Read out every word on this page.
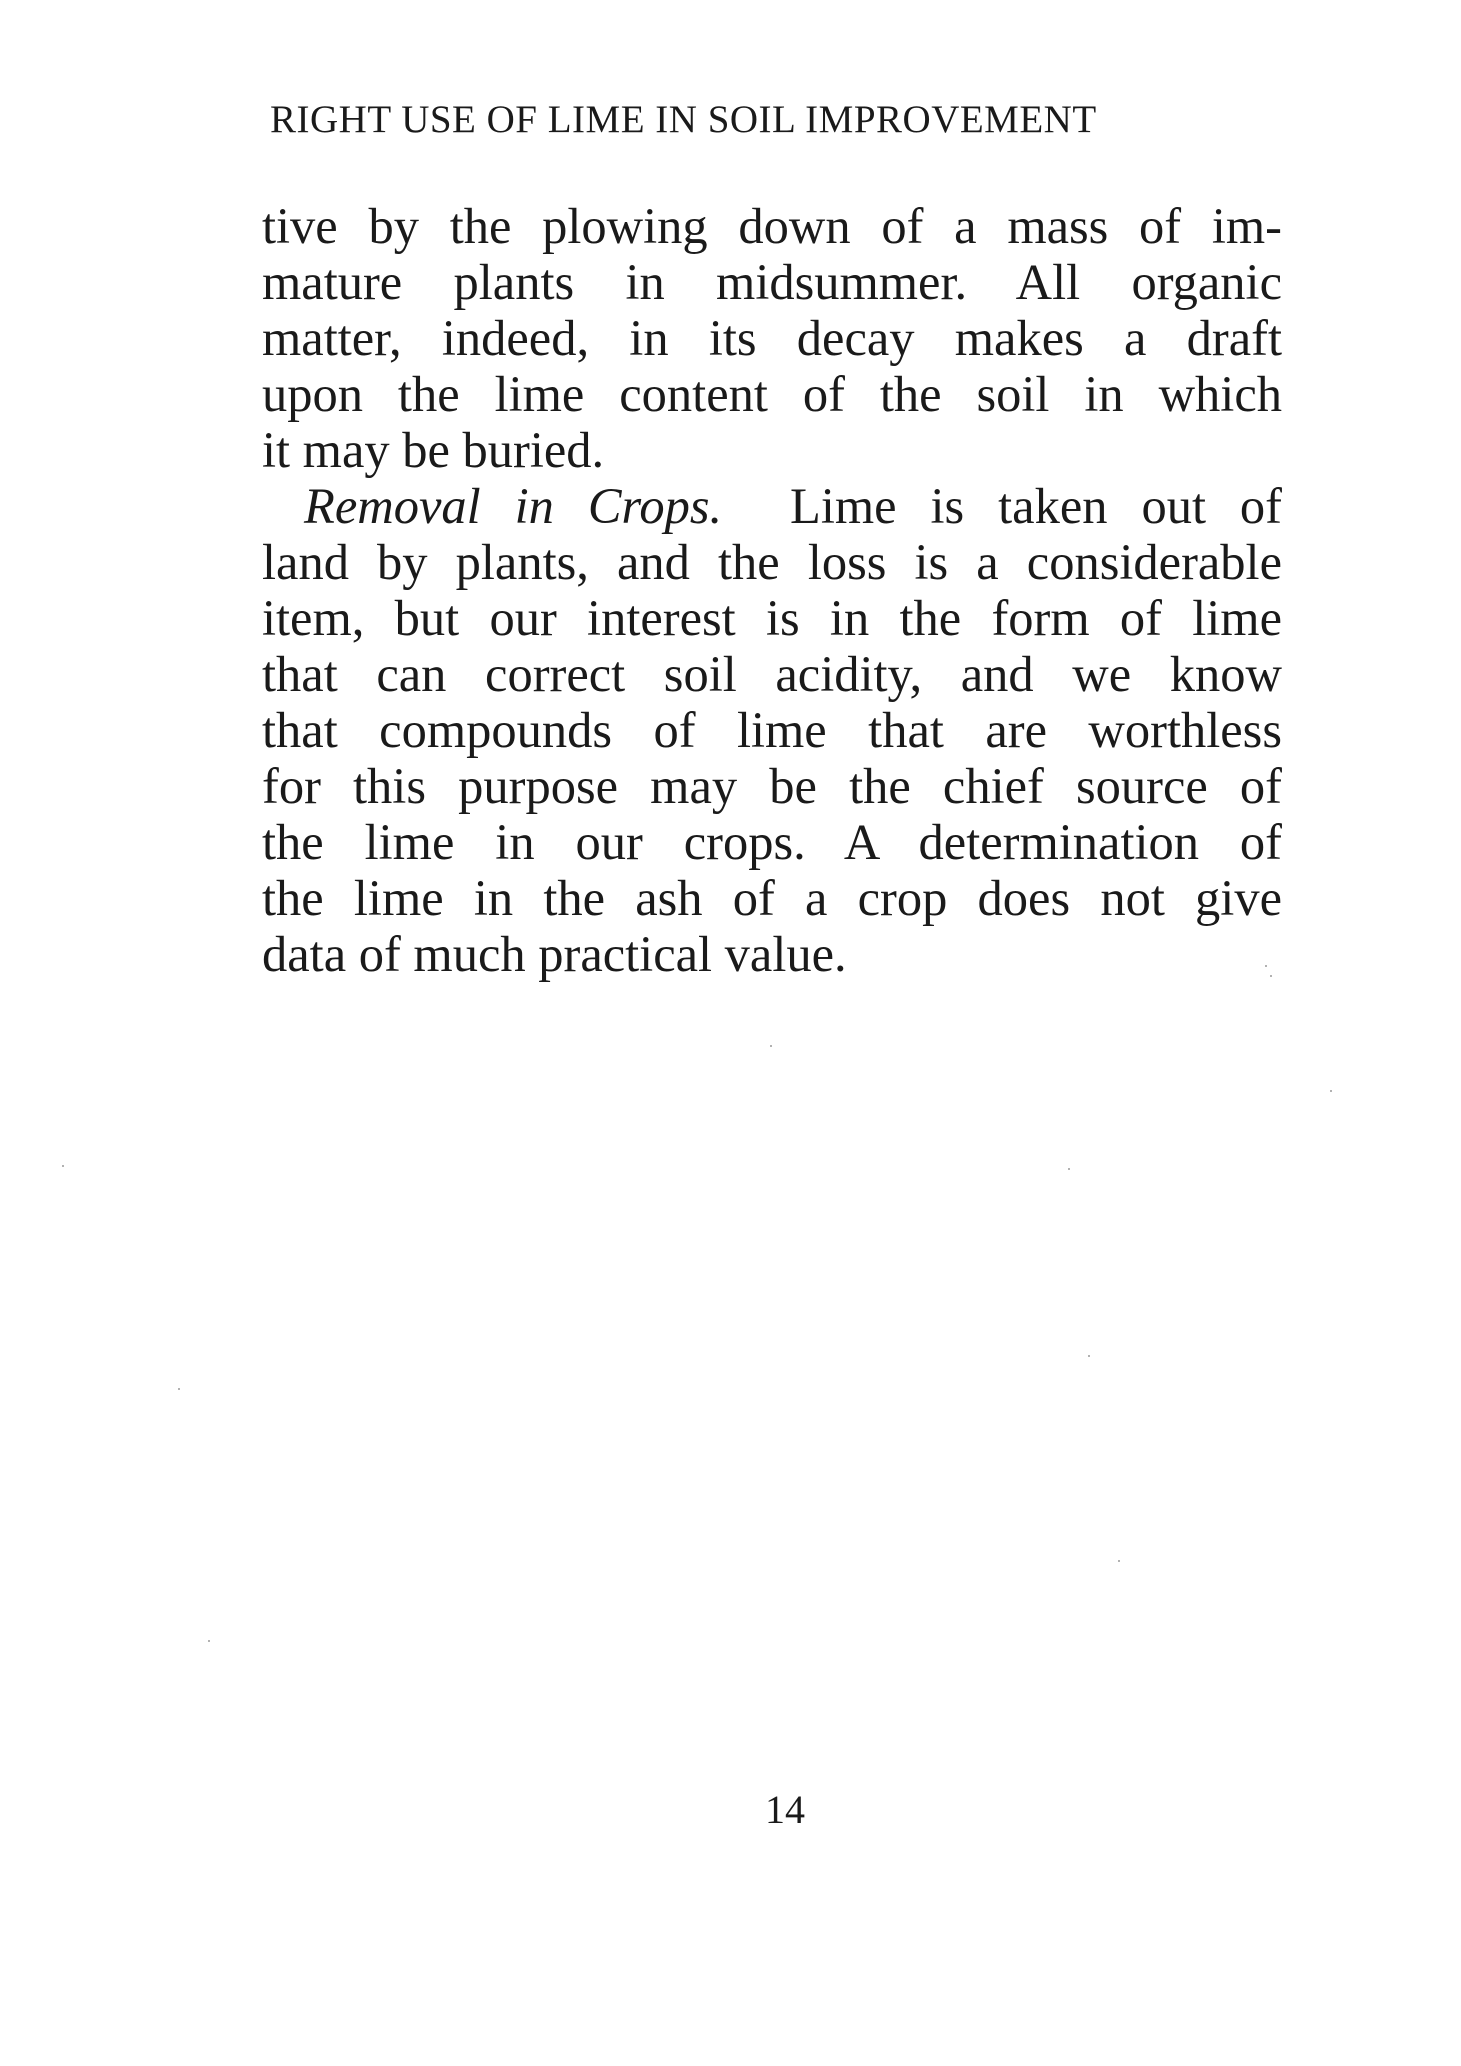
RIGHT USE OF LIME IN SOIL IMPROVEMENT
tive by the plowing down of a mass of im-
mature plants in midsummer. All organic
matter, indeed, in its decay makes a draft
upon the lime content of the soil in which
it may be buried.
Removal in Crops. Lime is taken out of
land by plants, and the loss is a considerable
item, but our interest is in the form of lime
that can correct soil acidity, and we know
that compounds of lime that are worthless
for this purpose may be the chief source of
the lime in our crops. A determination of
the lime in the ash of a crop does not give
data of much practical value.
14
